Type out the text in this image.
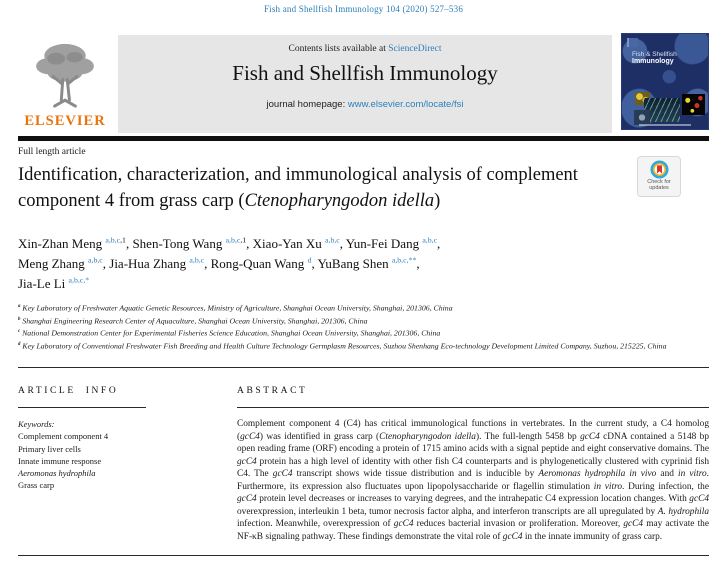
Fish and Shellfish Immunology 104 (2020) 527–536
ELSEVIER
Contents lists available at ScienceDirect
Fish and Shellfish Immunology
journal homepage: www.elsevier.com/locate/fsi
Fish & Shellfish
Immunology
Full length article
Identification, characterization, and immunological analysis of complement component 4 from grass carp (Ctenopharyngodon idella)
Check for
updates
Xin-Zhan Meng $^{a,b,c,1}$, Shen-Tong Wang $^{a,b,c,1}$, Xiao-Yan Xu $^{a,b,c}$, Yun-Fei Dang $^{a,b,c}$,
Meng Zhang $^{a,b,c}$, Jia-Hua Zhang $^{a,b,c}$, Rong-Quan Wang $^d$, YuBang Shen $^{a,b,c,**}$,
Jia-Le Li $^{a,b,c,*}$
$^a$ Key Laboratory of Freshwater Aquatic Genetic Resources, Ministry of Agriculture, Shanghai Ocean University, Shanghai, 201306, China
$^b$ Shanghai Engineering Research Center of Aquaculture, Shanghai Ocean University, Shanghai, 201306, China
$^c$ National Demonstration Center for Experimental Fisheries Science Education, Shanghai Ocean University, Shanghai, 201306, China
$^d$ Key Laboratory of Conventional Freshwater Fish Breeding and Health Culture Technology Germplasm Resources, Suzhou Shenhang Eco-technology Development Limited Company, Suzhou, 215225, China
ARTICLE INFO	ABSTRACT
Keywords:
Complement component 4
Primary liver cells
Innate immune response
Aeromonas hydrophila
Grass carp
Complement component 4 (C4) has critical immunological functions in vertebrates. In the current study, a C4 homolog (gcC4) was identified in grass carp (Ctenopharyngodon idella). The full-length 5458 bp gcC4 cDNA contained a 5148 bp open reading frame (ORF) encoding a protein of 1715 amino acids with a signal peptide and eight conservative domains. The gcC4 protein has a high level of identity with other fish C4 counterparts and is phylogenetically clustered with cyprinid fish C4. The gcC4 transcript shows wide tissue distribution and is inducible by Aeromonas hydrophila in vivo and in vitro. Furthermore, its expression also fluctuates upon lipopolysaccharide or flagellin stimulation in vitro. During infection, the gcC4 protein level decreases or increases to varying degrees, and the intrahepatic C4 expression location changes. With gcC4 overexpression, interleukin 1 beta, tumor necrosis factor alpha, and interferon transcripts are all upregulated by A. hydrophila infection. Meanwhile, overexpression of gcC4 reduces bacterial invasion or proliferation. Moreover, gcC4 may activate the NF-κB signaling pathway. These findings demonstrate the vital role of gcC4 in the innate immunity of grass carp.
